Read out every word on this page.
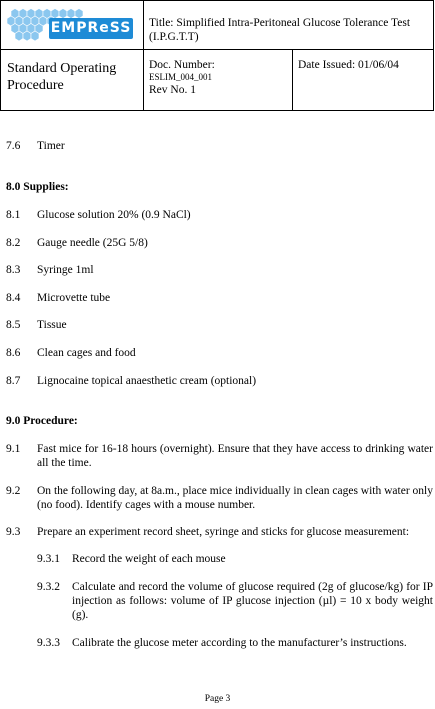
EMPReSS Title: Simplified Intra-Peritoneal Glucose Tolerance Test (I.P.G.T.T)
Standard Operating Procedure
Doc. Number:
ESLIM_004_001
Rev No. 1
Date Issued: 01/06/04
7.6 Timer
8.0 Supplies:
8.1 Glucose solution 20% (0.9 NaCl)
8.2 Gauge needle (25G 5/8)
8.3 Syringe 1ml
8.4 Microvette tube
8.5 Tissue
8.6 Clean cages and food
8.7 Lignocaine topical anaesthetic cream (optional)
9.0 Procedure:
9.1 Fast mice for 16-18 hours (overnight). Ensure that they have access to drinking water all the time.
9.2 On the following day, at 8a.m., place mice individually in clean cages with water only (no food). Identify cages with a mouse number.
9.3 Prepare an experiment record sheet, syringe and sticks for glucose measurement:
9.3.1 Record the weight of each mouse
9.3.2 Calculate and record the volume of glucose required (2g of glucose/kg) for IP injection as follows: volume of IP glucose injection (µl) = 10 x body weight (g).
9.3.3 Calibrate the glucose meter according to the manufacturer’s instructions.
Page 3
